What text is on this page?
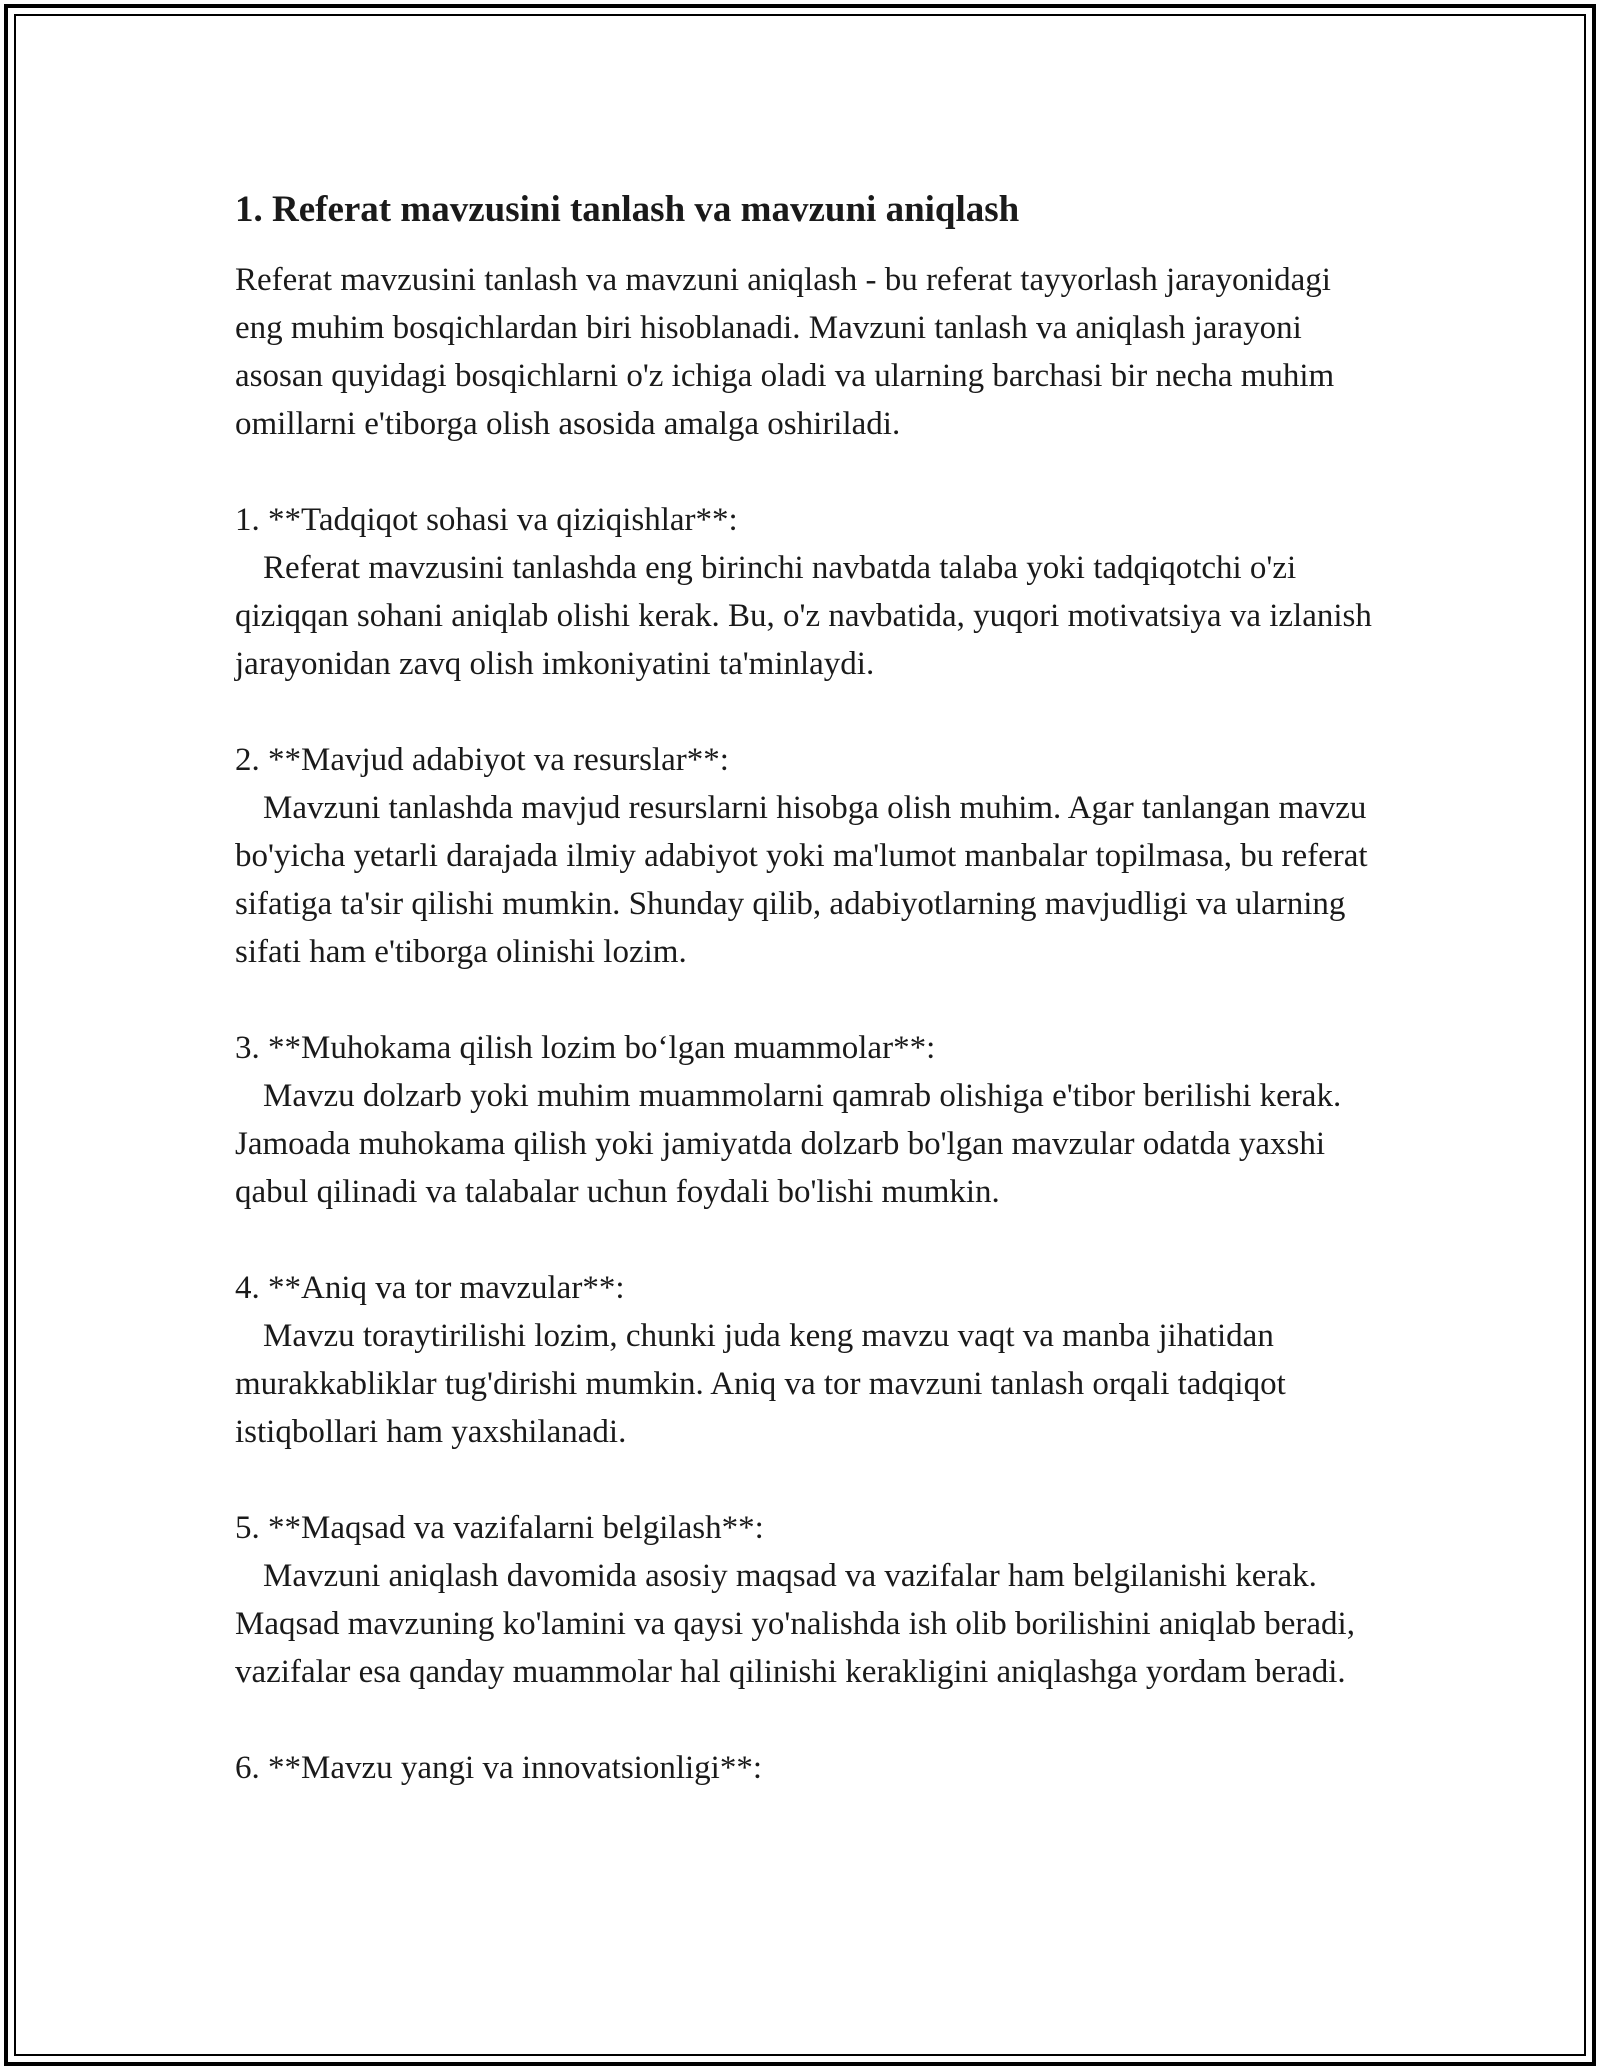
1. Referat mavzusini tanlash va mavzuni aniqlash

Referat mavzusini tanlash va mavzuni aniqlash - bu referat tayyorlash jarayonidagi eng muhim bosqichlardan biri hisoblanadi. Mavzuni tanlash va aniqlash jarayoni asosan quyidagi bosqichlarni o'z ichiga oladi va ularning barchasi bir necha muhim omillarni e'tiborga olish asosida amalga oshiriladi.

1. **Tadqiqot sohasi va qiziqishlar**:

Referat mavzusini tanlashda eng birinchi navbatda talaba yoki tadqiqotchi o'zi qiziqqan sohani aniqlab olishi kerak. Bu, o'z navbatida, yuqori motivatsiya va izlanish jarayonidan zavq olish imkoniyatini ta'minlaydi.

2. **Mavjud adabiyot va resurslar**:

Mavzuni tanlashda mavjud resurslarni hisobga olish muhim. Agar tanlangan mavzu bo'yicha yetarli darajada ilmiy adabiyot yoki ma'lumot manbalar topilmasa, bu referat sifatiga ta'sir qilishi mumkin. Shunday qilib, adabiyotlarning mavjudligi va ularning sifati ham e'tiborga olinishi lozim.

3. **Muhokama qilish lozim bo‘lgan muammolar**:

Mavzu dolzarb yoki muhim muammolarni qamrab olishiga e'tibor berilishi kerak. Jamoada muhokama qilish yoki jamiyatda dolzarb bo'lgan mavzular odatda yaxshi qabul qilinadi va talabalar uchun foydali bo'lishi mumkin.

4. **Aniq va tor mavzular**:

Mavzu toraytirilishi lozim, chunki juda keng mavzu vaqt va manba jihatidan murakkabliklar tug'dirishi mumkin. Aniq va tor mavzuni tanlash orqali tadqiqot istiqbollari ham yaxshilanadi.

5. **Maqsad va vazifalarni belgilash**:

Mavzuni aniqlash davomida asosiy maqsad va vazifalar ham belgilanishi kerak. Maqsad mavzuning ko'lamini va qaysi yo'nalishda ish olib borilishini aniqlab beradi, vazifalar esa qanday muammolar hal qilinishi kerakligini aniqlashga yordam beradi.

6. **Mavzu yangi va innovatsionligi**:
